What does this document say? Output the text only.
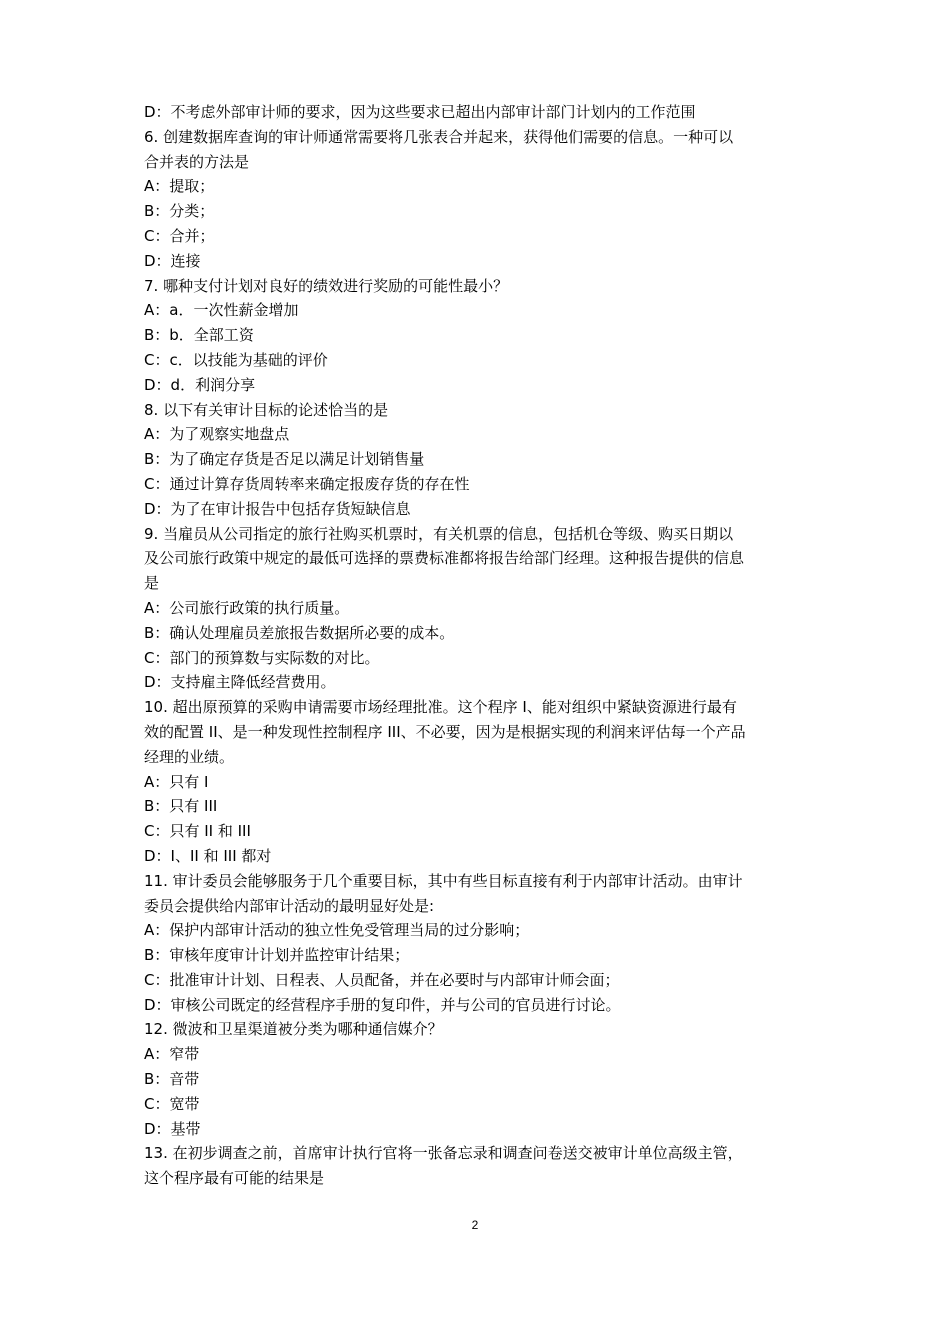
D：不考虑外部审计师的要求，因为这些要求已超出内部审计部门计划内的工作范围
6. 创建数据库查询的审计师通常需要将几张表合并起来，获得他们需要的信息。一种可以
合并表的方法是
A：提取；
B：分类；
C：合并；
D：连接
7. 哪种支付计划对良好的绩效进行奖励的可能性最小？
A：a．一次性薪金增加
B：b．全部工资
C：c．以技能为基础的评价
D：d．利润分享
8. 以下有关审计目标的论述恰当的是
A：为了观察实地盘点
B：为了确定存货是否足以满足计划销售量
C：通过计算存货周转率来确定报废存货的存在性
D：为了在审计报告中包括存货短缺信息
9. 当雇员从公司指定的旅行社购买机票时，有关机票的信息，包括机仓等级、购买日期以
及公司旅行政策中规定的最低可选择的票费标准都将报告给部门经理。这种报告提供的信息
是
A：公司旅行政策的执行质量。
B：确认处理雇员差旅报告数据所必要的成本。
C：部门的预算数与实际数的对比。
D：支持雇主降低经营费用。
10. 超出原预算的采购申请需要市场经理批准。这个程序 I、能对组织中紧缺资源进行最有
效的配置 II、是一种发现性控制程序 III、不必要，因为是根据实现的利润来评估每一个产品
经理的业绩。
A：只有 I
B：只有 III
C：只有 II 和 III
D：I、II 和 III 都对
11. 审计委员会能够服务于几个重要目标，其中有些目标直接有利于内部审计活动。由审计
委员会提供给内部审计活动的最明显好处是:
A：保护内部审计活动的独立性免受管理当局的过分影响；
B：审核年度审计计划并监控审计结果；
C：批准审计计划、日程表、人员配备，并在必要时与内部审计师会面；
D：审核公司既定的经营程序手册的复印件，并与公司的官员进行讨论。
12. 微波和卫星渠道被分类为哪种通信媒介？
A：窄带
B：音带
C：宽带
D：基带
13. 在初步调查之前，首席审计执行官将一张备忘录和调查问卷送交被审计单位高级主管，
这个程序最有可能的结果是
2
